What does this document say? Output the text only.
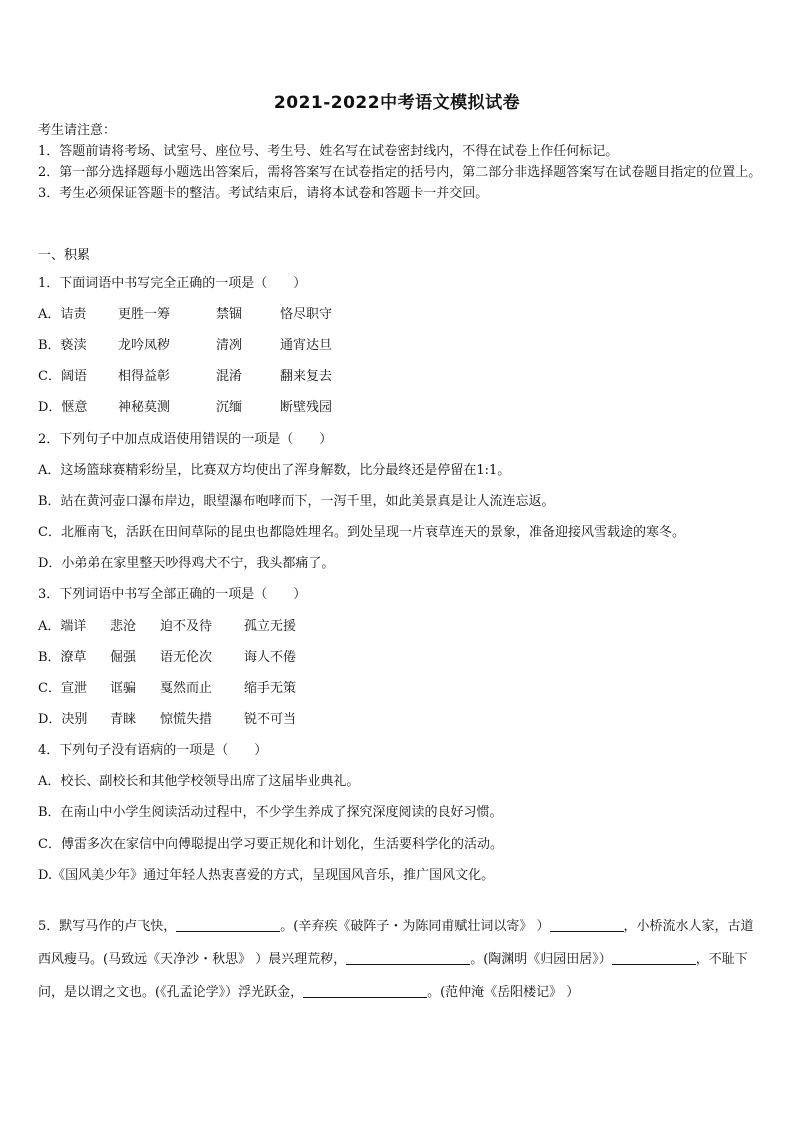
2021-2022中考语文模拟试卷
考生请注意：
1．答题前请将考场、试室号、座位号、考生号、姓名写在试卷密封线内，不得在试卷上作任何标记。
2．第一部分选择题每小题选出答案后，需将答案写在试卷指定的括号内，第二部分非选择题答案写在试卷题目指定的位置上。
3．考生必须保证答题卡的整洁。考试结束后，请将本试卷和答题卡一并交回。
一、积累
1．下面词语中书写完全正确的一项是（　　）
A．诘责 更胜一筹	禁锢	恪尽职守
B．亵渎 龙吟凤秽	清冽	通宵达旦
C．阔语 相得益彰	混淆	翻来复去
D．惬意 神秘莫测	沉缅	断壁残园
2．下列句子中加点成语使用错误的一项是（　　）
A．这场篮球赛精彩纷呈，比赛双方均使出了浑身解数，比分最终还是停留在1:1。
B．站在黄河壶口瀑布岸边，眼望瀑布咆哮而下，一泻千里，如此美景真是让人流连忘返。
C．北雁南飞，活跃在田间草际的昆虫也都隐姓埋名。到处呈现一片衰草连天的景象，准备迎接风雪载途的寒冬。
D．小弟弟在家里整天吵得鸡犬不宁，我头都痛了。
3．下列词语中书写全部正确的一项是（　　）
A．端详 悲沧 迫不及待 孤立无援
B．潦草 倔强 语无伦次 诲人不倦
C．宣泄 诓骗 戛然而止 缩手无策
D．决别 青睐 惊慌失措 锐不可当
4．下列句子没有语病的一项是（　　）
A．校长、副校长和其他学校领导出席了这届毕业典礼。
B．在南山中小学生阅读活动过程中，不少学生养成了探究深度阅读的良好习惯。
C．傅雷多次在家信中向傅聪提出学习要正规化和计划化，生活要科学化的活动。
D.《国风美少年》通过年轻人热衷喜爱的方式，呈现国风音乐，推广国风文化。
5．默写马作的卢飞快，	。(辛弃疾《破阵子・为陈同甫赋壮词以寄》 ）	，小桥流水人家，古道西风瘦马。(马致远《天净沙・秋思》 ）晨兴理荒秽，	。(陶渊明《归园田居》）	，不耻下问，是以谓之文也。(《孔孟论学》）浮光跃金，	。(范仲淹《岳阳楼记》 ）
